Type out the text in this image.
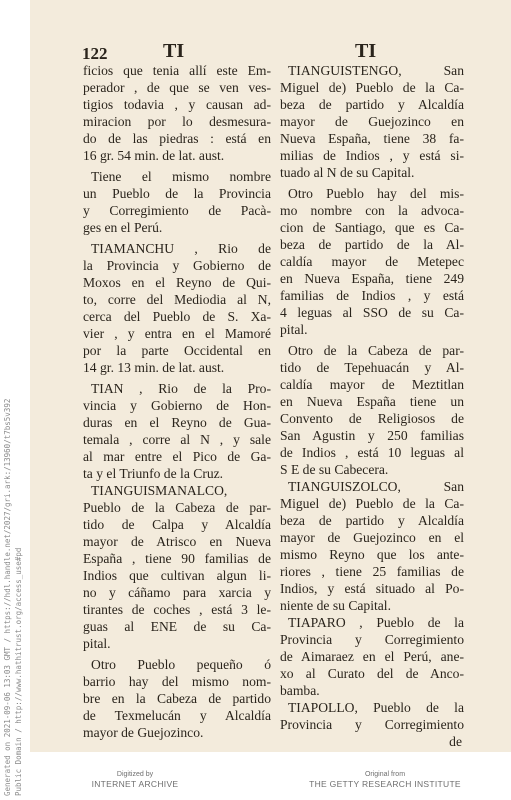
Generated on 2021-09-06 13:03 GMT / https://hdl.handle.net/2027/gri.ark:/13960/t7bs5v392 Public Domain / http://www.hathitrust.org/access_use#pd
122	TI	TI
ficios que tenia allí este Em-
perador , de que se ven ves-
tigios todavia , y causan ad-
miracion por lo desmesura-
do de las piedras : está en
16 gr. 54 min. de lat. aust.
Tiene el mismo nombre
un Pueblo de la Provincia
y Corregimiento de Pacà-
ges en el Perú.
TIAMANCHU , Rio de
la Provincia y Gobierno de
Moxos en el Reyno de Qui-
to, corre del Mediodia al N,
cerca del Pueblo de S. Xa-
vier , y entra en el Mamoré
por la parte Occidental en
14 gr. 13 min. de lat. aust.
TIAN , Rio de la Pro-
vincia y Gobierno de Hon-
duras en el Reyno de Gua-
temala , corre al N , y sale
al mar entre el Pico de Ga-
ta y el Triunfo de la Cruz.
TIANGUISMANALCO,
Pueblo de la Cabeza de par-
tido de Calpa y Alcaldía
mayor de Atrisco en Nueva
España , tiene 90 familias de
Indios que cultivan algun li-
no y cáñamo para xarcia y
tirantes de coches , está 3 le-
guas al ENE de su Ca-
pital.
Otro Pueblo pequeño ó
barrio hay del mismo nom-
bre en la Cabeza de partido
de Texmelucán y Alcaldía
mayor de Guejozinco.
TIANGUISTENGO, San
Miguel de) Pueblo de la Ca-
beza de partido y Alcaldía
mayor de Guejozinco en
Nueva España, tiene 38 fa-
milias de Indios , y está si-
tuado al N de su Capital.
Otro Pueblo hay del mis-
mo nombre con la advoca-
cion de Santiago, que es Ca-
beza de partido de la Al-
caldía mayor de Metepec
en Nueva España, tiene 249
familias de Indios , y está
4 leguas al SSO de su Ca-
pital.
Otro de la Cabeza de par-
tido de Tepehuacán y Al-
caldía mayor de Meztitlan
en Nueva España tiene un
Convento de Religiosos de
San Agustin y 250 familias
de Indios , está 10 leguas al
S E de su Cabecera.
TIANGUISZOLCO, San
Miguel de) Pueblo de la Ca-
beza de partido y Alcaldía
mayor de Guejozinco en el
mismo Reyno que los ante-
riores , tiene 25 familias de
Indios, y está situado al Po-
niente de su Capital.
TIAPARO , Pueblo de la
Provincia y Corregimiento
de Aimaraez en el Perú, ane-
xo al Curato del de Anco-
bamba.
TIAPOLLO, Pueblo de la
Provincia y Corregimiento
de
Digitized by
INTERNET ARCHIVE
Original from
THE GETTY RESEARCH INSTITUTE
